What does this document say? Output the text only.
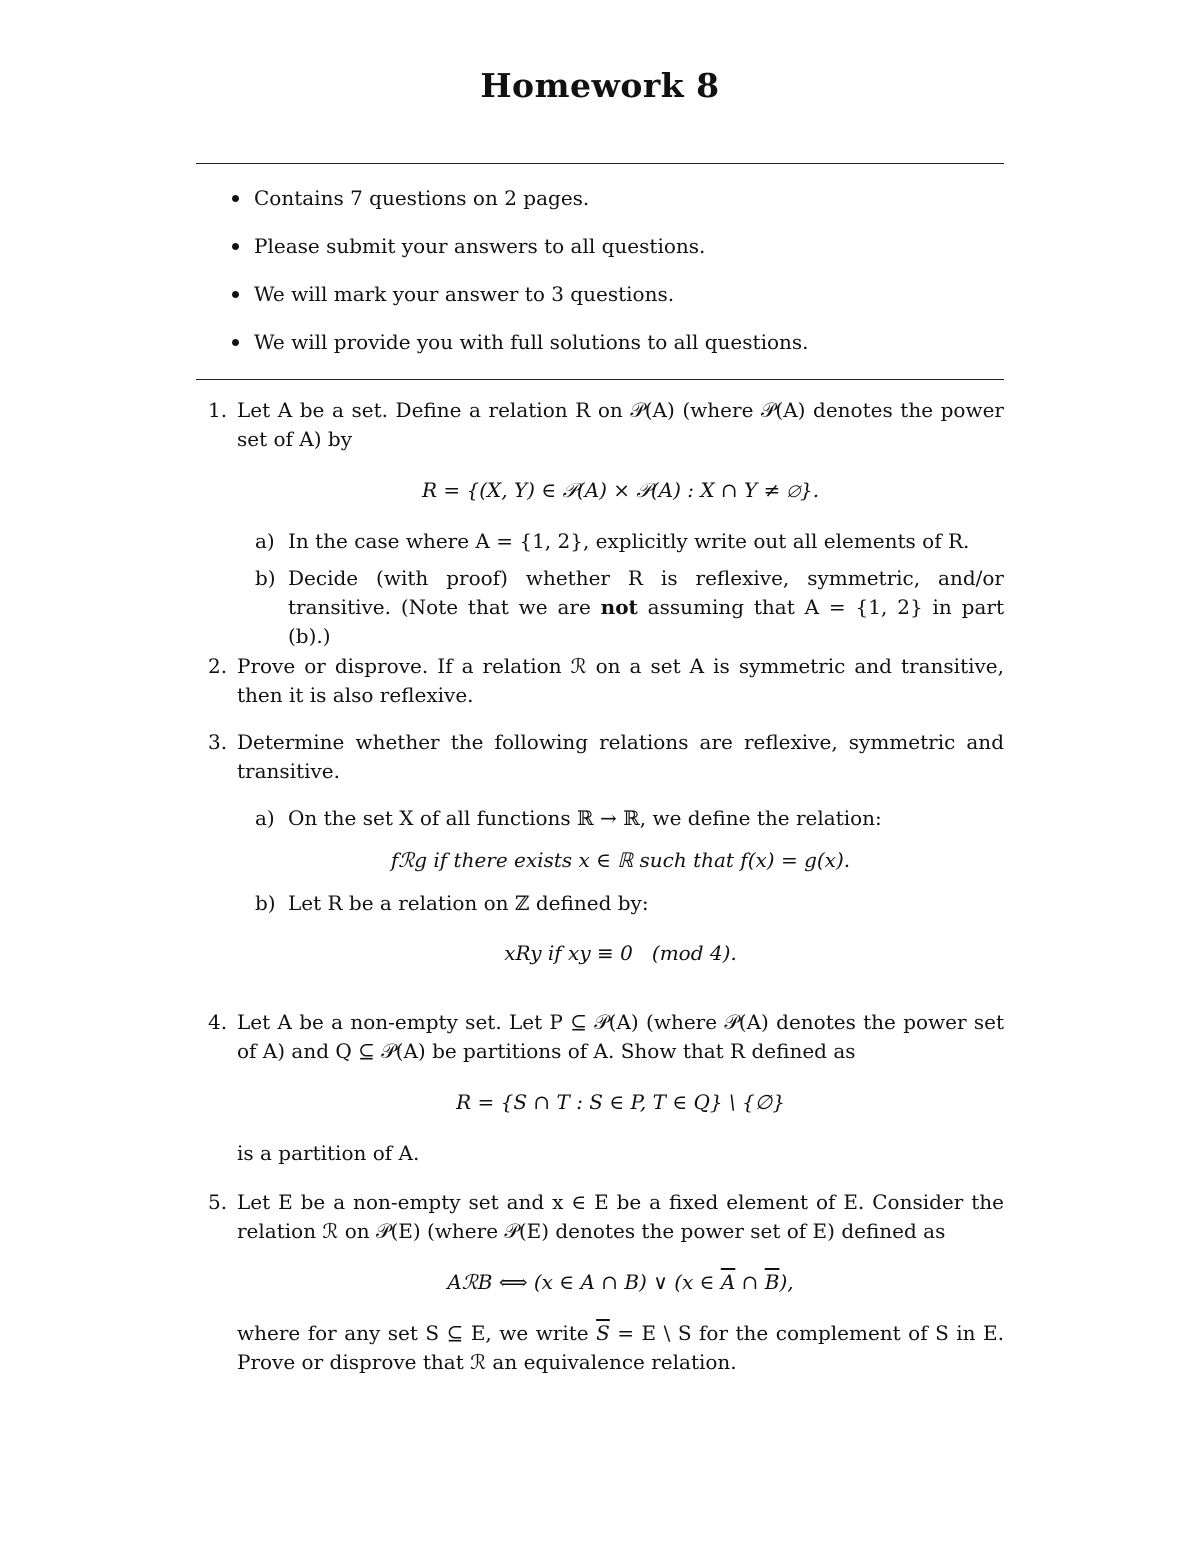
Homework 8
Contains 7 questions on 2 pages.
Please submit your answers to all questions.
We will mark your answer to 3 questions.
We will provide you with full solutions to all questions.
1. Let A be a set. Define a relation R on 𝒫(A) (where 𝒫(A) denotes the power set of A) by
R = {(X, Y) ∈ 𝒫(A) × 𝒫(A) : X ∩ Y ≠ ∅}.
a) In the case where A = {1, 2}, explicitly write out all elements of R.
b) Decide (with proof) whether R is reflexive, symmetric, and/or transitive. (Note that we are not assuming that A = {1, 2} in part (b).)
2. Prove or disprove. If a relation ℛ on a set A is symmetric and transitive, then it is also reflexive.
3. Determine whether the following relations are reflexive, symmetric and transitive.
a) On the set X of all functions ℝ → ℝ, we define the relation:
fℛg if there exists x ∈ ℝ such that f(x) = g(x).
b) Let R be a relation on ℤ defined by:
xRy if xy ≡ 0   (mod 4).
4. Let A be a non-empty set. Let P ⊆ 𝒫(A) (where 𝒫(A) denotes the power set of A) and Q ⊆ 𝒫(A) be partitions of A. Show that R defined as
R = {S ∩ T : S ∈ P, T ∈ Q} \ {∅}
is a partition of A.
5. Let E be a non-empty set and x ∈ E be a fixed element of E. Consider the relation ℛ on 𝒫(E) (where 𝒫(E) denotes the power set of E) defined as
AℛB ⟺ (x ∈ A ∩ B) ∨ (x ∈ $\overline{A}$ ∩ $\overline{B}$),
where for any set S ⊆ E, we write $\overline{S} = E$ \ S for the complement of S in E. Prove or disprove that ℛ an equivalence relation.
